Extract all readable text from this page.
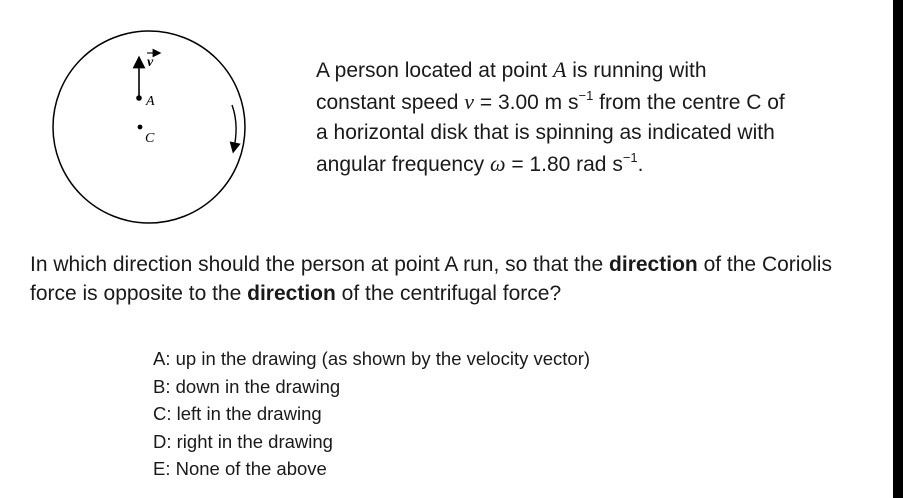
v
A
C
A person located at point A is running with
constant speed v = 3.00 m $s^{-1}$ from the centre C of
a horizontal disk that is spinning as indicated with
angular frequency ω = 1.80 rad $s^{-1}$.
In which direction should the person at point A run, so that the direction of the Coriolis force is opposite to the direction of the centrifugal force?
A: up in the drawing (as shown by the velocity vector)
B: down in the drawing
C: left in the drawing
D: right in the drawing
E: None of the above
